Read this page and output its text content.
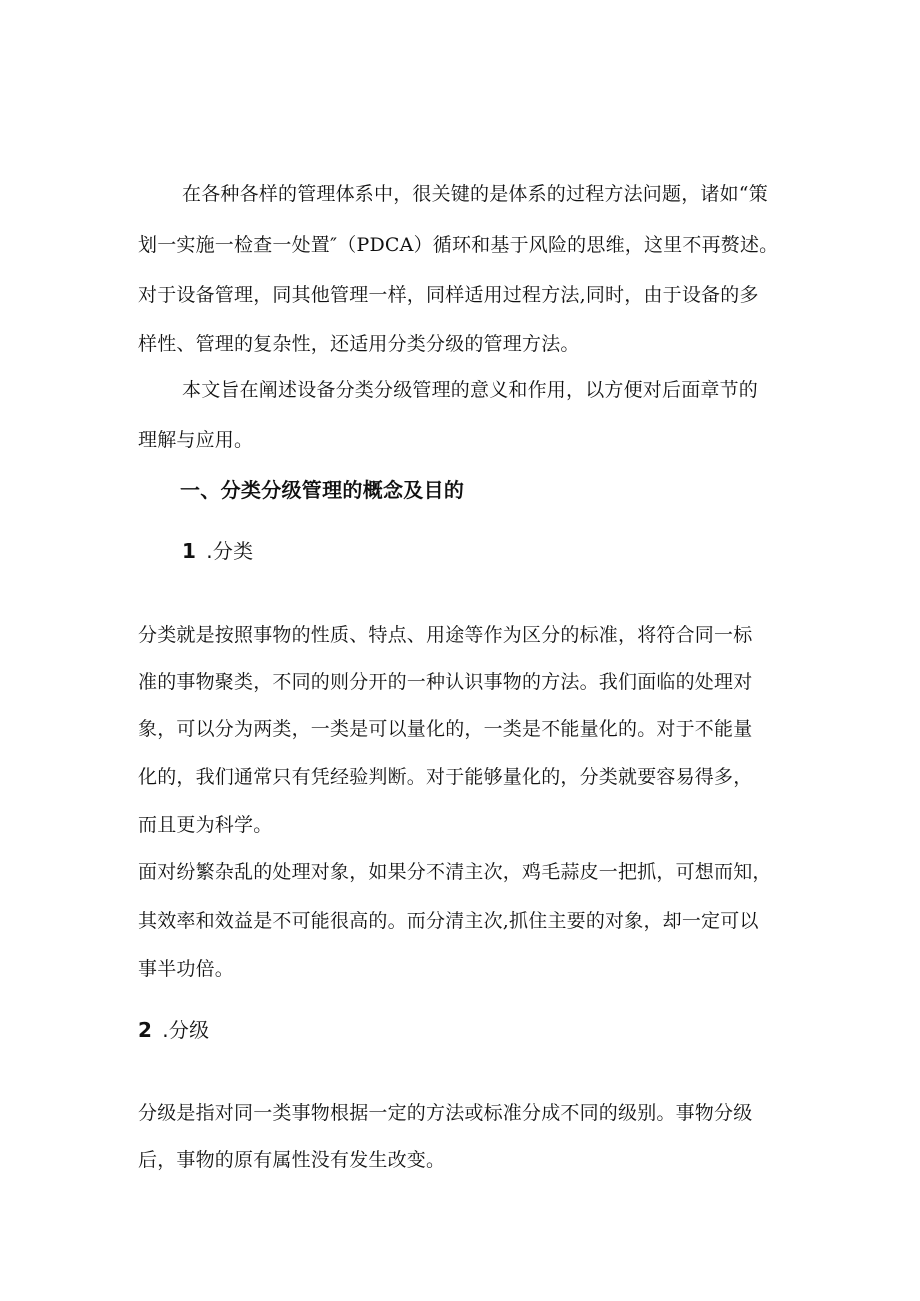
在各种各样的管理体系中，很关键的是体系的过程方法问题，诸如“策
划一实施一检查一处置″（PDCA）循环和基于风险的思维，这里不再赘述。
对于设备管理，同其他管理一样，同样适用过程方法,同时，由于设备的多
样性、管理的复杂性，还适用分类分级的管理方法。
本文旨在阐述设备分类分级管理的意义和作用，以方便对后面章节的
理解与应用。
一、分类分级管理的概念及目的
1 .分类
分类就是按照事物的性质、特点、用途等作为区分的标准，将符合同一标
准的事物聚类，不同的则分开的一种认识事物的方法。我们面临的处理对
象，可以分为两类，一类是可以量化的，一类是不能量化的。对于不能量
化的，我们通常只有凭经验判断。对于能够量化的，分类就要容易得多，
而且更为科学。
面对纷繁杂乱的处理对象，如果分不清主次，鸡毛蒜皮一把抓，可想而知，
其效率和效益是不可能很高的。而分清主次,抓住主要的对象，却一定可以
事半功倍。
2 .分级
分级是指对同一类事物根据一定的方法或标准分成不同的级别。事物分级
后，事物的原有属性没有发生改变。
